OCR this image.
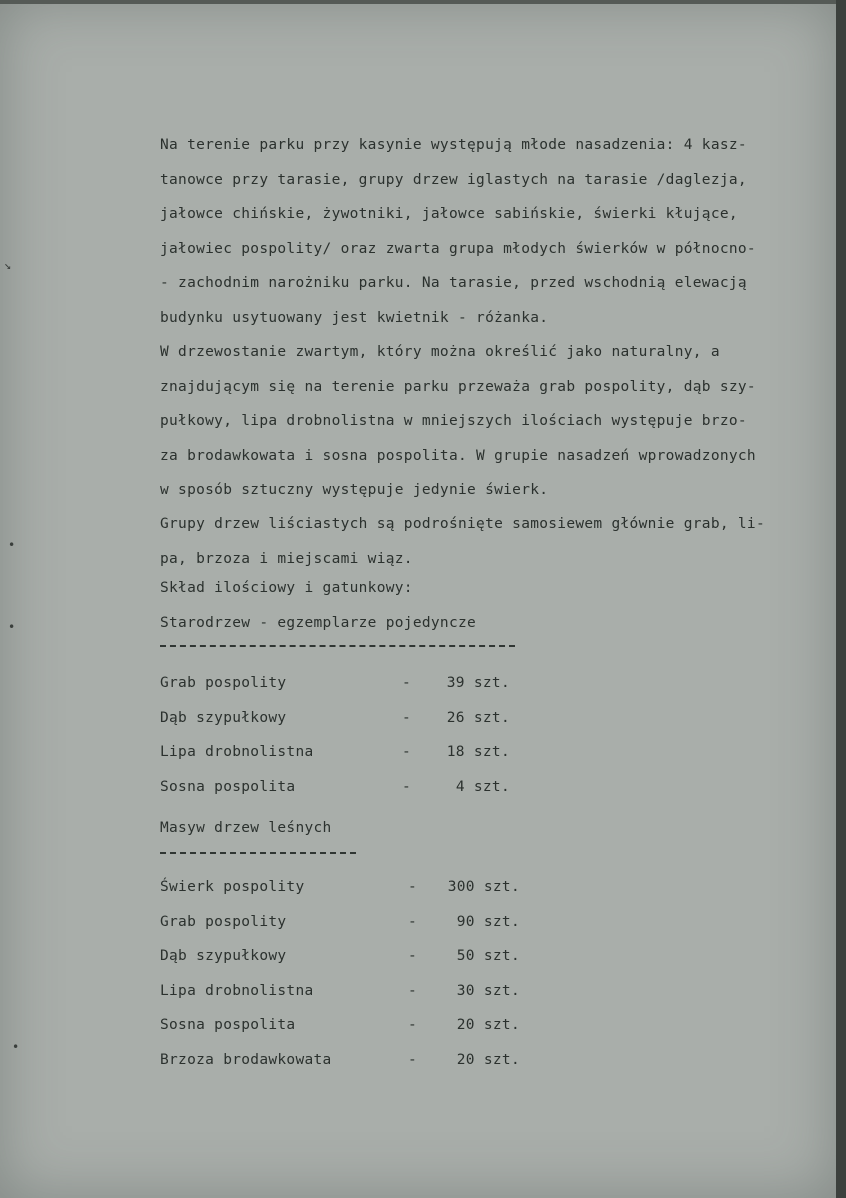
↘
•
•
•
Na terenie parku przy kasynie występują młode nasadzenia: 4 kasz-
tanowce przy tarasie, grupy drzew iglastych na tarasie /daglezja,
jałowce chińskie, żywotniki, jałowce sabińskie, świerki kłujące,
jałowiec pospolity/ oraz zwarta grupa młodych świerków w północno-
- zachodnim narożniku parku. Na tarasie, przed wschodnią elewacją
budynku usytuowany jest kwietnik - różanka.
W drzewostanie zwartym, który można określić jako naturalny, a
znajdującym się na terenie parku przeważa grab pospolity, dąb szy-
pułkowy, lipa drobnolistna w mniejszych ilościach występuje brzo-
za brodawkowata i sosna pospolita. W grupie nasadzeń wprowadzonych
w sposób sztuczny występuje jedynie świerk.
Grupy drzew liściastych są podrośnięte samosiewem głównie grab, li-
pa, brzoza i miejscami wiąz.
Skład ilościowy i gatunkowy:
Starodrzew - egzemplarze pojedyncze
Grab pospolity	-	39 szt.
Dąb szypułkowy	-	26 szt.
Lipa drobnolistna	-	18 szt.
Sosna pospolita	-	4 szt.
Masyw drzew leśnych
Świerk pospolity	-	300 szt.
Grab pospolity	-	90 szt.
Dąb szypułkowy	-	50 szt.
Lipa drobnolistna	-	30 szt.
Sosna pospolita	-	20 szt.
Brzoza brodawkowata	-	20 szt.
